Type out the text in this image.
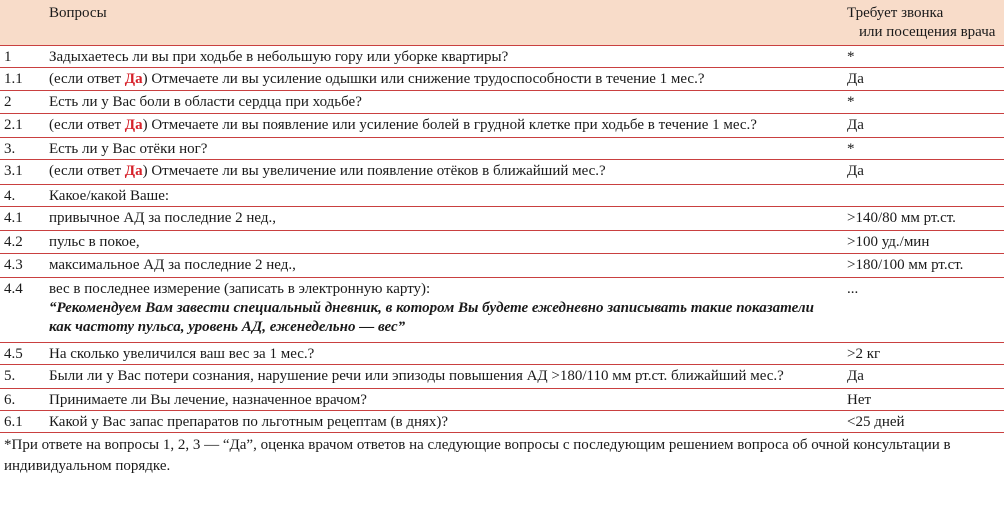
	Вопросы	Требует звонка
или посещения врача

1	Задыхаетесь ли вы при ходьбе в небольшую гору или уборке квартиры?	*
1.1	(если ответ Да) Отмечаете ли вы усиление одышки или снижение трудоспособности в течение 1 мес.?	Да
2	Есть ли у Вас боли в области сердца при ходьбе?	*
2.1	(если ответ Да) Отмечаете ли вы появление или усиление болей в грудной клетке при ходьбе в течение 1 мес.?	Да
3.	Есть ли у Вас отёки ног?	*
3.1	(если ответ Да) Отмечаете ли вы увеличение или появление отёков в ближайший мес.?	Да
4.	Какое/какой Ваше:	
4.1	привычное АД за последние 2 нед.,	>140/80 мм рт.ст.
4.2	пульс в покое,	>100 уд./мин
4.3	максимальное АД за последние 2 нед.,	>180/100 мм рт.ст.
4.4	вес в последнее измерение (записать в электронную карту):
“Рекомендуем Вам завести специальный дневник, в котором Вы будете ежедневно записывать такие показатели как частоту пульса, уровень АД, еженедельно — вес”	...
4.5	На сколько увеличился ваш вес за 1 мес.?	>2 кг
5.	Были ли у Вас потери сознания, нарушение речи или эпизоды повышения АД >180/110 мм рт.ст. ближайший мес.?	Да
6.	Принимаете ли Вы лечение, назначенное врачом?	Нет
6.1	Какой у Вас запас препаратов по льготным рецептам (в днях)?	<25 дней
*При ответе на вопросы 1, 2, 3 — “Да”, оценка врачом ответов на следующие вопросы с последующим решением вопроса об очной консультации в индивидуальном порядке.
